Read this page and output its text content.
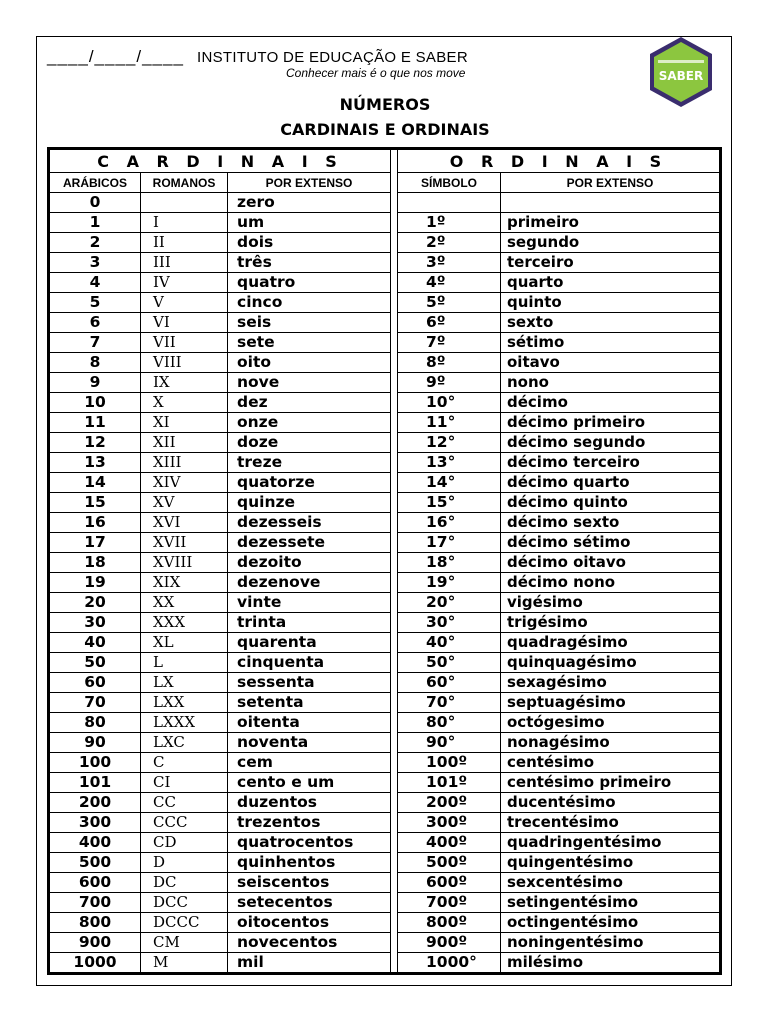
____/____/____ INSTITUTO DE EDUCAÇÃO E SABER
Conhecer mais é o que nos move	SABER
NÚMEROS
CARDINAIS E ORDINAIS
C A R D I N A I S				O R D I N A I S	
ARÁBICOS	ROMANOS	POR EXTENSO		SÍMBOLO	POR EXTENSO
0		zero			
1	I	um		1º	primeiro
2	II	dois		2º	segundo
3	III	três		3º	terceiro
4	IV	quatro		4º	quarto
5	V	cinco		5º	quinto
6	VI	seis		6º	sexto
7	VII	sete		7º	sétimo
8	VIII	oito		8º	oitavo
9	IX	nove		9º	nono
10	X	dez		10°	décimo
11	XI	onze		11°	décimo primeiro
12	XII	doze		12°	décimo segundo
13	XIII	treze		13°	décimo terceiro
14	XIV	quatorze		14°	décimo quarto
15	XV	quinze		15°	décimo quinto
16	XVI	dezesseis		16°	décimo sexto
17	XVII	dezessete		17°	décimo sétimo
18	XVIII	dezoito		18°	décimo oitavo
19	XIX	dezenove		19°	décimo nono
20	XX	vinte		20°	vigésimo
30	XXX	trinta		30°	trigésimo
40	XL	quarenta		40°	quadragésimo
50	L	cinquenta		50°	quinquagésimo
60	LX	sessenta		60°	sexagésimo
70	LXX	setenta		70°	septuagésimo
80	LXXX	oitenta		80°	octógesimo
90	LXC	noventa		90°	nonagésimo
100	C	cem		100º	centésimo
101	CI	cento e um		101º	centésimo primeiro
200	CC	duzentos		200º	ducentésimo
300	CCC	trezentos		300º	trecentésimo
400	CD	quatrocentos		400º	quadringentésimo
500	D	quinhentos		500º	quingentésimo
600	DC	seiscentos		600º	sexcentésimo
700	DCC	setecentos		700º	setingentésimo
800	DCCC	oitocentos		800º	octingentésimo
900	CM	novecentos		900º	noningentésimo
1000	M	mil		1000°	milésimo
